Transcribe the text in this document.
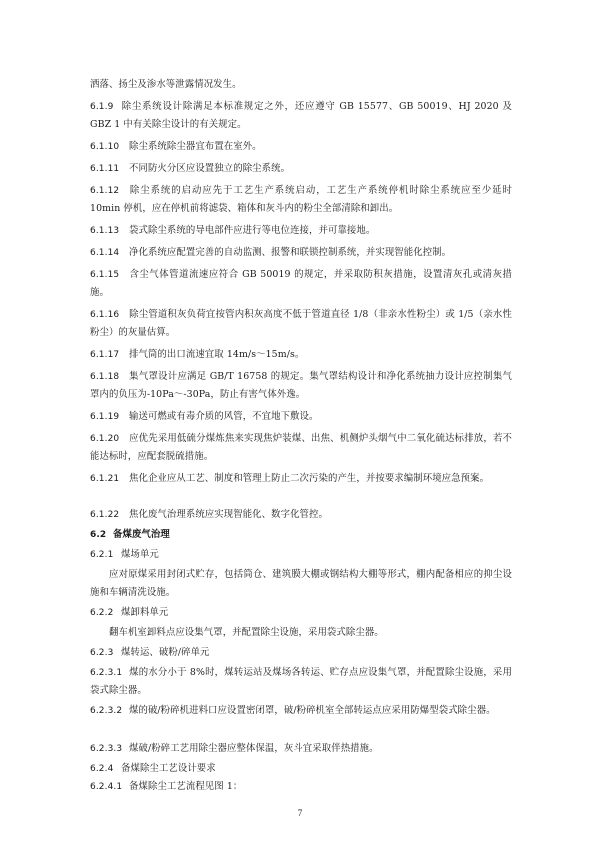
洒落、扬尘及渗水等泄露情况发生。

6.1.9 除尘系统设计除满足本标准规定之外，还应遵守 GB 15577、GB 50019、HJ 2020 及 GBZ 1 中有关除尘设计的有关规定。

6.1.10 除尘系统除尘器宜布置在室外。

6.1.11 不同防火分区应设置独立的除尘系统。

6.1.12 除尘系统的启动应先于工艺生产系统启动，工艺生产系统停机时除尘系统应至少延时 10min 停机，应在停机前将滤袋、箱体和灰斗内的粉尘全部清除和卸出。

6.1.13 袋式除尘系统的导电部件应进行等电位连接，并可靠接地。

6.1.14 净化系统应配置完善的自动监测、报警和联锁控制系统，并实现智能化控制。

6.1.15 含尘气体管道流速应符合 GB 50019 的规定，并采取防积灰措施，设置清灰孔或清灰措施。

6.1.16 除尘管道积灰负荷宜按管内积灰高度不低于管道直径 1/8（非亲水性粉尘）或 1/5（亲水性粉尘）的灰量估算。

6.1.17 排气筒的出口流速宜取 14m/s～15m/s。

6.1.18 集气罩设计应满足 GB/T 16758 的规定。集气罩结构设计和净化系统抽力设计应控制集气罩内的负压为-10Pa～-30Pa，防止有害气体外逸。

6.1.19 输送可燃或有毒介质的风管，不宜地下敷设。

6.1.20 应优先采用低硫分煤炼焦来实现焦炉装煤、出焦、机侧炉头烟气中二氧化硫达标排放，若不能达标时，应配套脱硫措施。

6.1.21 焦化企业应从工艺、制度和管理上防止二次污染的产生，并按要求编制环境应急预案。

6.1.22 焦化废气治理系统应实现智能化、数字化管控。

6.2 备煤废气治理

6.2.1 煤场单元

应对原煤采用封闭式贮存，包括筒仓、建筑膜大棚或钢结构大棚等形式，棚内配备相应的抑尘设施和车辆清洗设施。

6.2.2 煤卸料单元

翻车机室卸料点应设集气罩，并配置除尘设施，采用袋式除尘器。

6.2.3 煤转运、破粉/碎单元

6.2.3.1 煤的水分小于 8%时，煤转运站及煤场各转运、贮存点应设集气罩，并配置除尘设施，采用袋式除尘器。

6.2.3.2 煤的破/粉碎机进料口应设置密闭罩，破/粉碎机室全部转运点应采用防爆型袋式除尘器。

6.2.3.3 煤破/粉碎工艺用除尘器应整体保温，灰斗宜采取伴热措施。

7

6.2.4 备煤除尘工艺设计要求

6.2.4.1 备煤除尘工艺流程见图 1：
